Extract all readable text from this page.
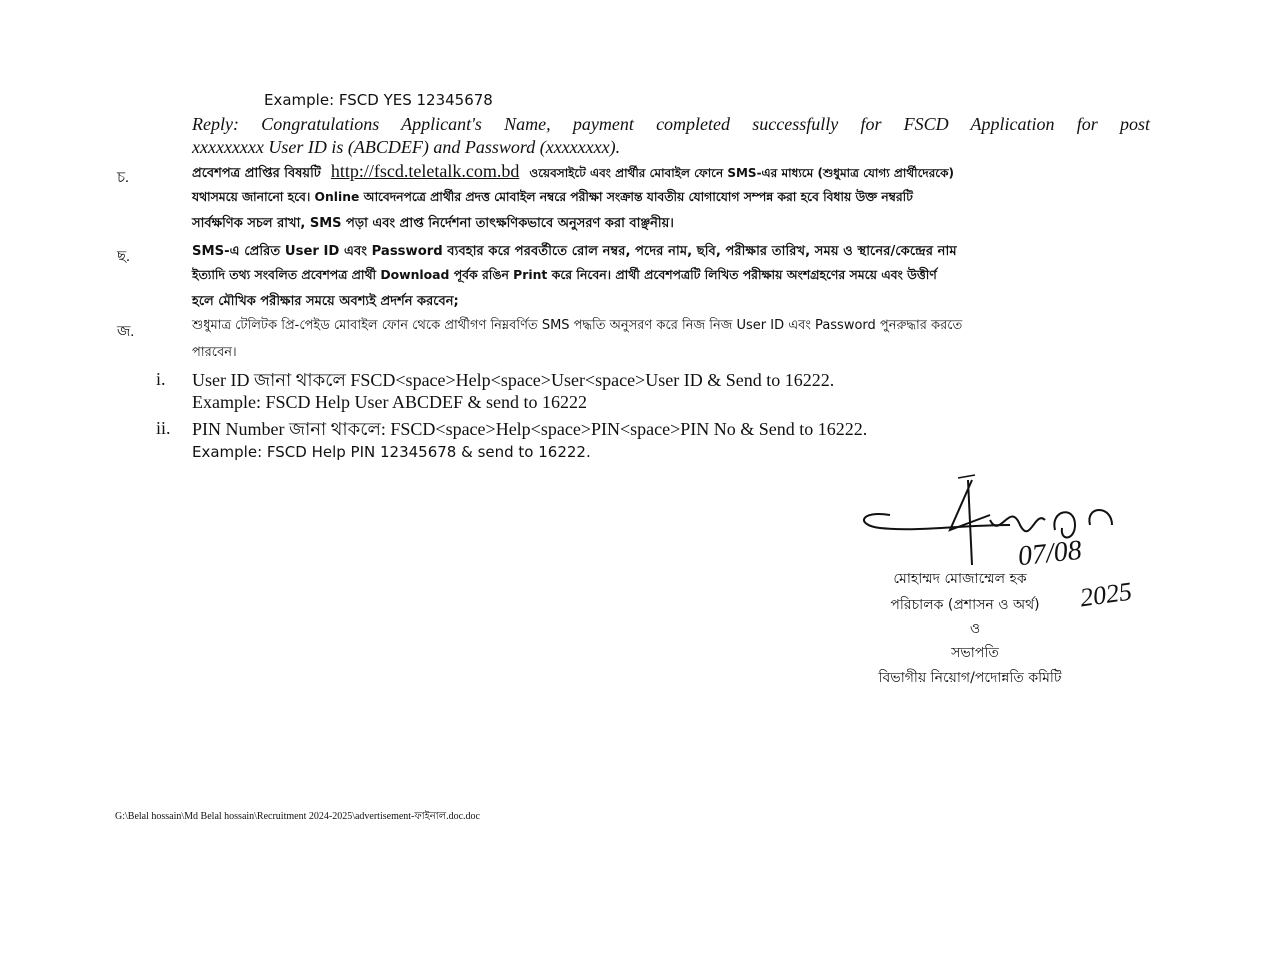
Example: FSCD YES 12345678
Reply: Congratulations Applicant's Name, payment completed successfully for FSCD Application for post
xxxxxxxxx User ID is (ABCDEF) and Password (xxxxxxxx).
চ.	প্রবেশপত্র প্রাপ্তির বিষয়টি http://fscd.teletalk.com.bd ওয়েবসাইটে এবং প্রার্থীর মোবাইল ফোনে SMS-এর মাধ্যমে (শুধুমাত্র যোগ্য প্রার্থীদেরকে)
যথাসময়ে জানানো হবে। Online আবেদনপত্রে প্রার্থীর প্রদত্ত মোবাইল নম্বরে পরীক্ষা সংক্রান্ত যাবতীয় যোগাযোগ সম্পন্ন করা হবে বিধায় উক্ত নম্বরটি
সার্বক্ষণিক সচল রাখা, SMS পড়া এবং প্রাপ্ত নির্দেশনা তাৎক্ষণিকভাবে অনুসরণ করা বাঞ্ছনীয়।
ছ.	SMS-এ প্রেরিত User ID এবং Password ব্যবহার করে পরবর্তীতে রোল নম্বর, পদের নাম, ছবি, পরীক্ষার তারিখ, সময় ও স্থানের/কেন্দ্রের নাম
ইত্যাদি তথ্য সংবলিত প্রবেশপত্র প্রার্থী Download পূর্বক রঙিন Print করে নিবেন। প্রার্থী প্রবেশপত্রটি লিখিত পরীক্ষায় অংশগ্রহণের সময়ে এবং উত্তীর্ণ
হলে মৌখিক পরীক্ষার সময়ে অবশ্যই প্রদর্শন করবেন;
জ.	শুধুমাত্র টেলিটক প্রি-পেইড মোবাইল ফোন থেকে প্রার্থীগণ নিম্নবর্ণিত SMS পদ্ধতি অনুসরণ করে নিজ নিজ User ID এবং Password পুনরুদ্ধার করতে
পারবেন।
i. User ID জানা থাকলে FSCD<space>Help<space>User<space>User ID & Send to 16222.
Example: FSCD Help User ABCDEF & send to 16222
ii. PIN Number জানা থাকলে: FSCD<space>Help<space>PIN<space>PIN No & Send to 16222.
Example: FSCD Help PIN 12345678 & send to 16222.
07/08
2025
মোহাম্মদ মোজাম্মেল হক
পরিচালক (প্রশাসন ও অর্থ)
ও
সভাপতি
বিভাগীয় নিয়োগ/পদোন্নতি কমিটি
G:\Belal hossain\Md Belal hossain\Recruitment 2024-2025\advertisement-ফাইনাল.doc.doc
